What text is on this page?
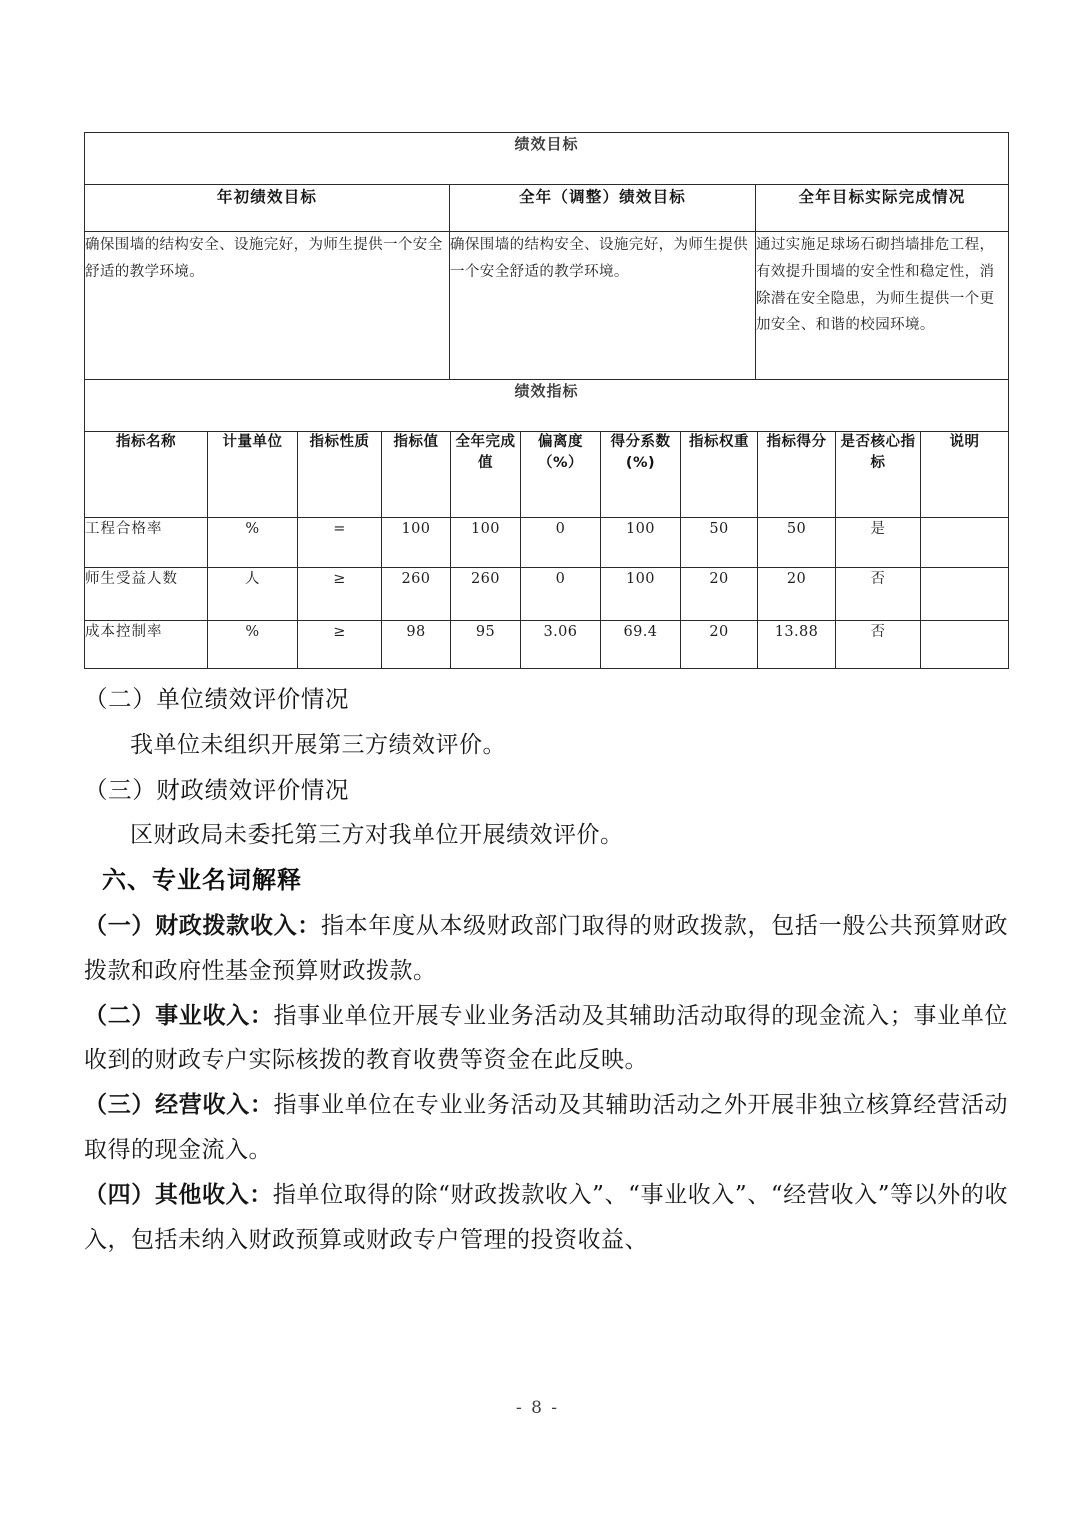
绩效目标		

年初绩效目标	全年（调整）绩效目标	全年目标实际完成情况
确保围墙的结构安全、设施完好，为师生提供一个安全舒适的教学环境。	确保围墙的结构安全、设施完好，为师生提供一个安全舒适的教学环境。	通过实施足球场石砌挡墙排危工程，有效提升围墙的安全性和稳定性，消除潜在安全隐患，为师生提供一个更加安全、和谐的校园环境。
绩效指标										

指标名称	计量单位	指标性质	指标值	全年完成值	偏离度（%）	得分系数(%)	指标权重	指标得分	是否核心指标	说明
工程合格率	%	=	100	100	0	100	50	50	是	
师生受益人数	人	≥	260	260	0	100	20	20	否	
成本控制率	%	≥	98	95	3.06	69.4	20	13.88	否	

（二）单位绩效评价情况

我单位未组织开展第三方绩效评价。

（三）财政绩效评价情况

区财政局未委托第三方对我单位开展绩效评价。

六、专业名词解释

（一）财政拨款收入：指本年度从本级财政部门取得的财政拨款，包括一般公共预算财政拨款和政府性基金预算财政拨款。

（二）事业收入：指事业单位开展专业业务活动及其辅助活动取得的现金流入；事业单位收到的财政专户实际核拨的教育收费等资金在此反映。

（三）经营收入：指事业单位在专业业务活动及其辅助活动之外开展非独立核算经营活动取得的现金流入。

（四）其他收入：指单位取得的除“财政拨款收入”、“事业收入”、“经营收入”等以外的收入，包括未纳入财政预算或财政专户管理的投资收益、

- 8 -
